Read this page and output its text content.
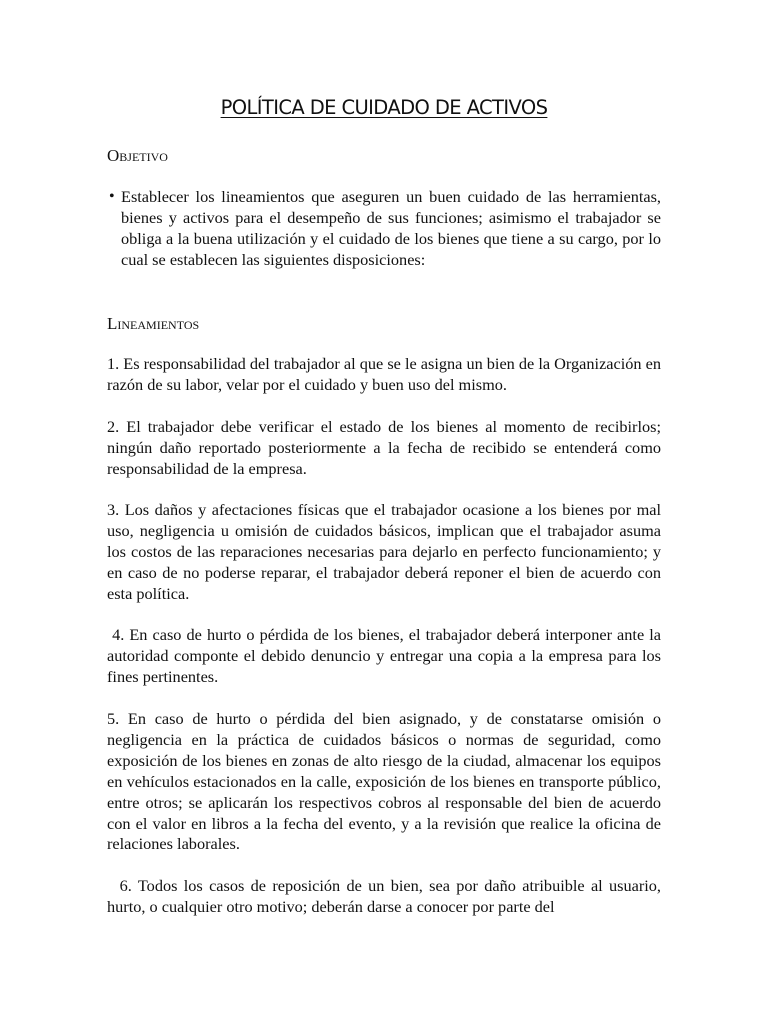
POLÍTICA DE CUIDADO DE ACTIVOS
Objetivo
• Establecer los lineamientos que aseguren un buen cuidado de las herramientas, bienes y activos para el desempeño de sus funciones; asimismo el trabajador se obliga a la buena utilización y el cuidado de los bienes que tiene a su cargo, por lo cual se establecen las siguientes disposiciones:

Lineamientos

1. Es responsabilidad del trabajador al que se le asigna un bien de la Organización en razón de su labor, velar por el cuidado y buen uso del mismo.

2. El trabajador debe verificar el estado de los bienes al momento de recibirlos; ningún daño reportado posteriormente a la fecha de recibido se entenderá como responsabilidad de la empresa.

3. Los daños y afectaciones físicas que el trabajador ocasione a los bienes por mal uso, negligencia u omisión de cuidados básicos, implican que el trabajador asuma los costos de las reparaciones necesarias para dejarlo en perfecto funcionamiento; y en caso de no poderse reparar, el trabajador deberá reponer el bien de acuerdo con esta política.

4. En caso de hurto o pérdida de los bienes, el trabajador deberá interponer ante la autoridad componte el debido denuncio y entregar una copia a la empresa para los fines pertinentes.

5. En caso de hurto o pérdida del bien asignado, y de constatarse omisión o negligencia en la práctica de cuidados básicos o normas de seguridad, como exposición de los bienes en zonas de alto riesgo de la ciudad, almacenar los equipos en vehículos estacionados en la calle, exposición de los bienes en transporte público, entre otros; se aplicarán los respectivos cobros al responsable del bien de acuerdo con el valor en libros a la fecha del evento, y a la revisión que realice la oficina de relaciones laborales.

6. Todos los casos de reposición de un bien, sea por daño atribuible al usuario, hurto, o cualquier otro motivo; deberán darse a conocer por parte del
